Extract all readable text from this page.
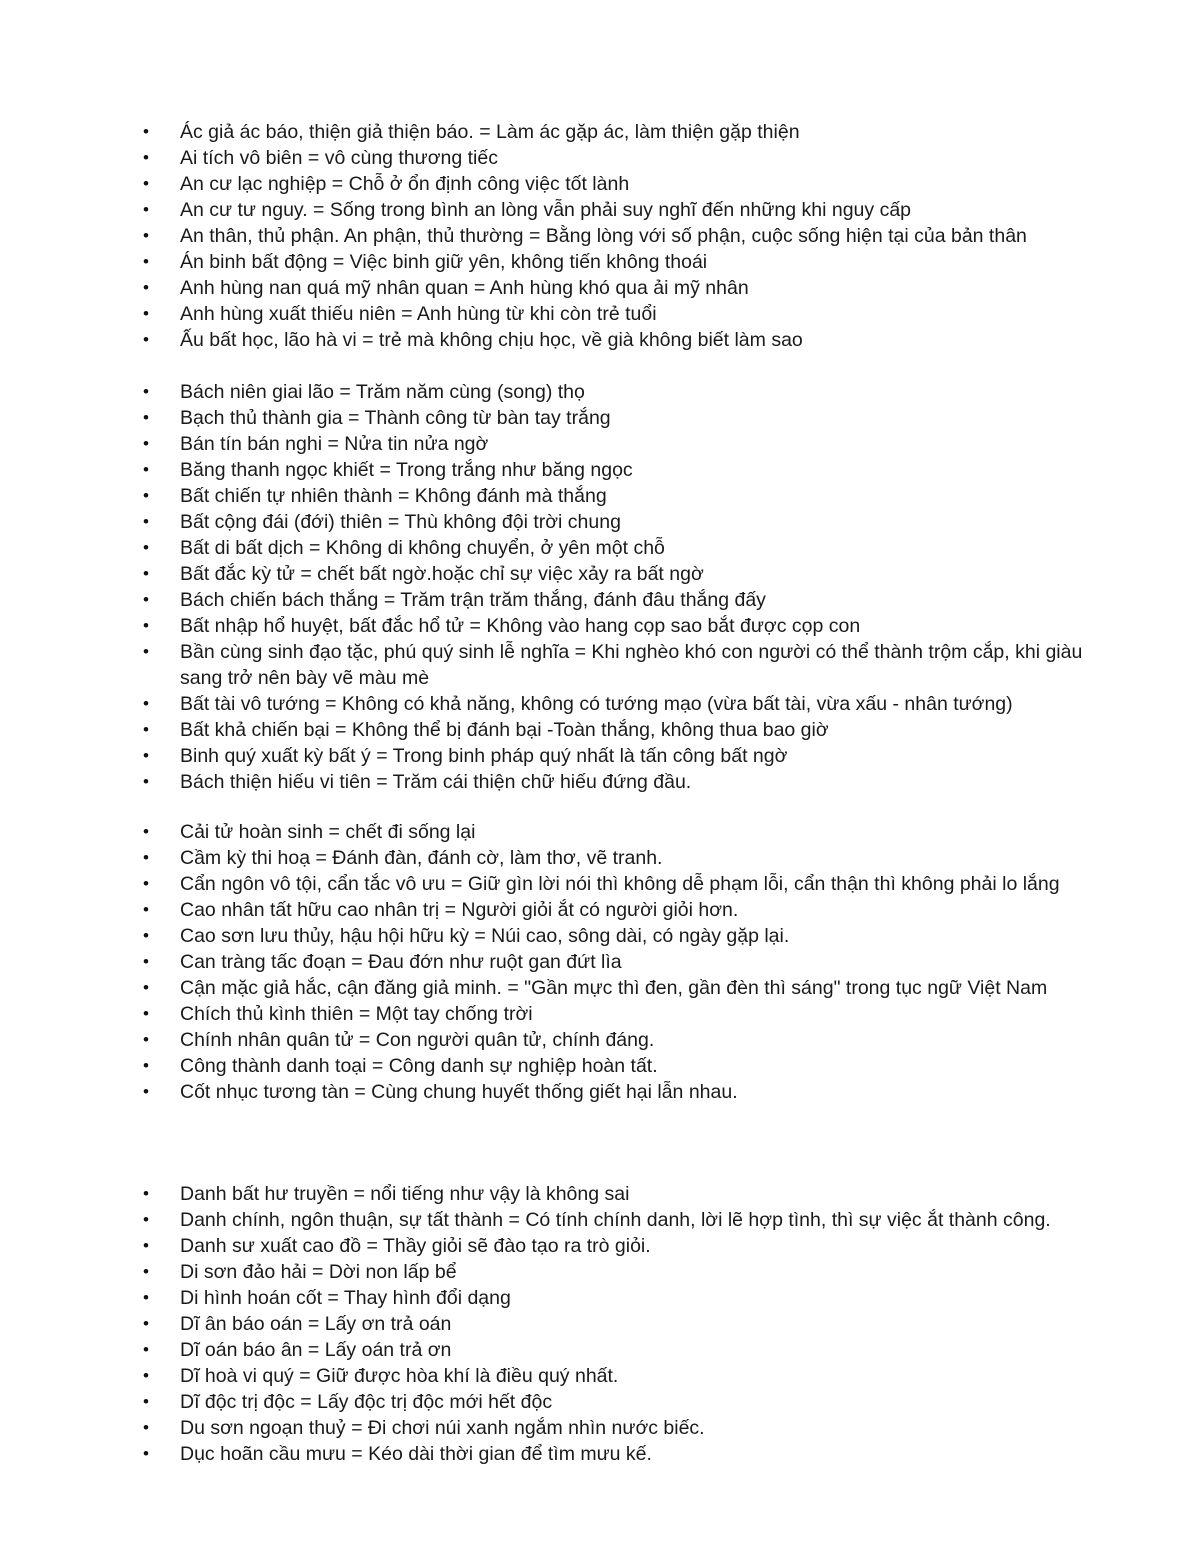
•	Ác giả ác báo, thiện giả thiện báo. = Làm ác gặp ác, làm thiện gặp thiện
•	Ai tích vô biên = vô cùng thương tiếc
•	An cư lạc nghiệp = Chỗ ở ổn định công việc tốt lành
•	An cư tư nguy. = Sống trong bình an lòng vẫn phải suy nghĩ đến những khi nguy cấp
•	An thân, thủ phận. An phận, thủ thường = Bằng lòng với số phận, cuộc sống hiện tại của bản thân
•	Án binh bất động = Việc binh giữ yên, không tiến không thoái
•	Anh hùng nan quá mỹ nhân quan = Anh hùng khó qua ải mỹ nhân
•	Anh hùng xuất thiếu niên = Anh hùng từ khi còn trẻ tuổi
•	Ấu bất học, lão hà vi = trẻ mà không chịu học, về già không biết làm sao
•	Bách niên giai lão = Trăm năm cùng (song) thọ
•	Bạch thủ thành gia = Thành công từ bàn tay trắng
•	Bán tín bán nghi = Nửa tin nửa ngờ
•	Băng thanh ngọc khiết = Trong trắng như băng ngọc
•	Bất chiến tự nhiên thành = Không đánh mà thắng
•	Bất cộng đái (đới) thiên = Thù không đội trời chung
•	Bất di bất dịch = Không di không chuyển, ở yên một chỗ
•	Bất đắc kỳ tử = chết bất ngờ.hoặc chỉ sự việc xảy ra bất ngờ
•	Bách chiến bách thắng = Trăm trận trăm thắng, đánh đâu thắng đấy
•	Bất nhập hổ huyệt, bất đắc hổ tử = Không vào hang cọp sao bắt được cọp con
•	Bần cùng sinh đạo tặc, phú quý sinh lễ nghĩa = Khi nghèo khó con người có thể thành trộm cắp, khi giàu sang trở nên bày vẽ màu mè
•	Bất tài vô tướng = Không có khả năng, không có tướng mạo (vừa bất tài, vừa xấu - nhân tướng)
•	Bất khả chiến bại = Không thể bị đánh bại -Toàn thắng, không thua bao giờ
•	Binh quý xuất kỳ bất ý = Trong binh pháp quý nhất là tấn công bất ngờ
•	Bách thiện hiếu vi tiên = Trăm cái thiện chữ hiếu đứng đầu.
•	Cải tử hoàn sinh = chết đi sống lại
•	Cầm kỳ thi hoạ = Đánh đàn, đánh cờ, làm thơ, vẽ tranh.
•	Cẩn ngôn vô tội, cẩn tắc vô ưu = Giữ gìn lời nói thì không dễ phạm lỗi, cẩn thận thì không phải lo lắng
•	Cao nhân tất hữu cao nhân trị = Người giỏi ắt có người giỏi hơn.
•	Cao sơn lưu thủy, hậu hội hữu kỳ = Núi cao, sông dài, có ngày gặp lại.
•	Can tràng tấc đoạn = Đau đớn như ruột gan đứt lìa
•	Cận mặc giả hắc, cận đăng giả minh. = "Gần mực thì đen, gần đèn thì sáng" trong tục ngữ Việt Nam
•	Chích thủ kình thiên = Một tay chống trời
•	Chính nhân quân tử = Con người quân tử, chính đáng.
•	Công thành danh toại = Công danh sự nghiệp hoàn tất.
•	Cốt nhục tương tàn = Cùng chung huyết thống giết hại lẫn nhau.
•	Danh bất hư truyền = nổi tiếng như vậy là không sai
•	Danh chính, ngôn thuận, sự tất thành = Có tính chính danh, lời lẽ hợp tình, thì sự việc ắt thành công.
•	Danh sư xuất cao đồ = Thầy giỏi sẽ đào tạo ra trò giỏi.
•	Di sơn đảo hải = Dời non lấp bể
•	Di hình hoán cốt = Thay hình đổi dạng
•	Dĩ ân báo oán = Lấy ơn trả oán
•	Dĩ oán báo ân = Lấy oán trả ơn
•	Dĩ hoà vi quý = Giữ được hòa khí là điều quý nhất.
•	Dĩ độc trị độc = Lấy độc trị độc mới hết độc
•	Du sơn ngoạn thuỷ = Đi chơi núi xanh ngắm nhìn nước biếc.
•	Dục hoãn cầu mưu = Kéo dài thời gian để tìm mưu kế.
